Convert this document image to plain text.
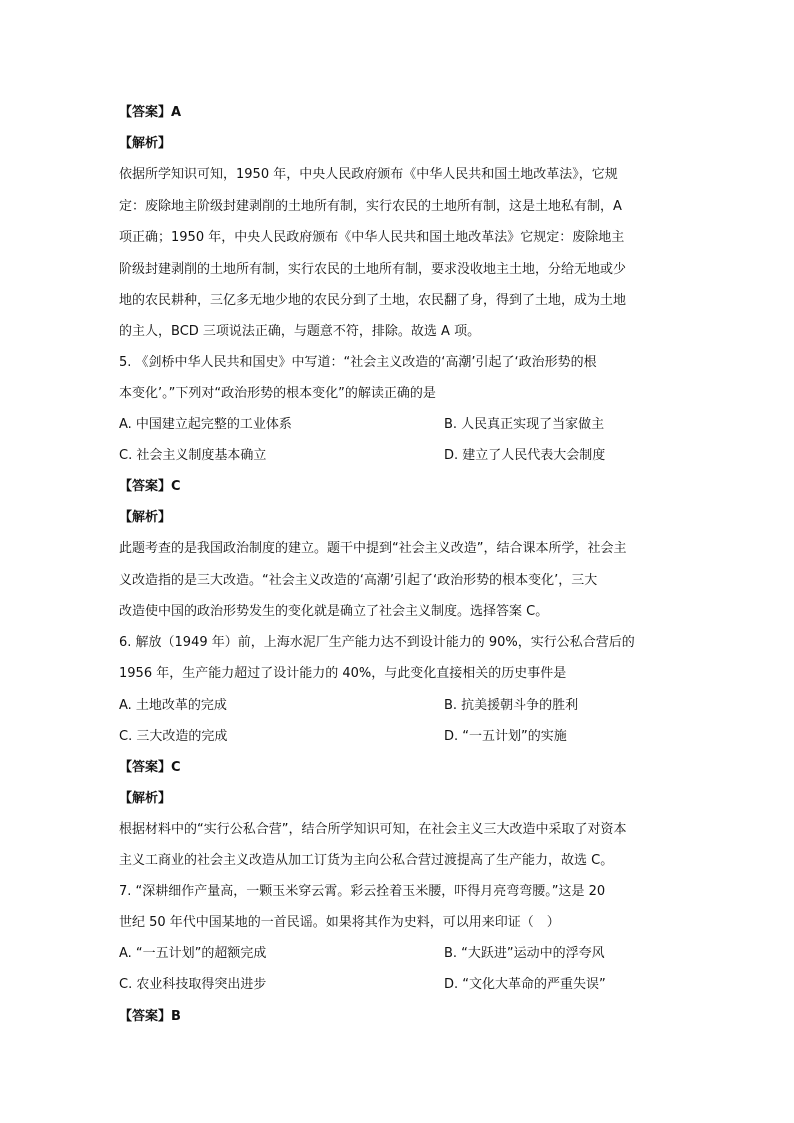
【答案】A
【解析】
依据所学知识可知，1950 年，中央人民政府颁布《中华人民共和国土地改革法》，它规
定：废除地主阶级封建剥削的土地所有制，实行农民的土地所有制，这是土地私有制，A
项正确；1950 年，中央人民政府颁布《中华人民共和国土地改革法》它规定：废除地主
阶级封建剥削的土地所有制，实行农民的土地所有制，要求没收地主土地，分给无地或少
地的农民耕种，三亿多无地少地的农民分到了土地，农民翻了身，得到了土地，成为土地
的主人，BCD 三项说法正确，与题意不符，排除。故选 A 项。
5. 《剑桥中华人民共和国史》中写道：“社会主义改造的‘高潮’引起了‘政治形势的根
本变化’。”下列对“政治形势的根本变化”的解读正确的是
A. 中国建立起完整的工业体系	B. 人民真正实现了当家做主
C. 社会主义制度基本确立	D. 建立了人民代表大会制度
【答案】C
【解析】
此题考查的是我国政治制度的建立。题干中提到“社会主义改造”，结合课本所学，社会主
义改造指的是三大改造。“社会主义改造的‘高潮’引起了‘政治形势的根本变化’，三大
改造使中国的政治形势发生的变化就是确立了社会主义制度。选择答案 C。
6. 解放（1949 年）前，上海水泥厂生产能力达不到设计能力的 90%，实行公私合营后的
1956 年，生产能力超过了设计能力的 40%，与此变化直接相关的历史事件是
A. 土地改革的完成	B. 抗美援朝斗争的胜利
C. 三大改造的完成	D. “一五计划”的实施
【答案】C
【解析】
根据材料中的“实行公私合营”，结合所学知识可知，在社会主义三大改造中采取了对资本
主义工商业的社会主义改造从加工订货为主向公私合营过渡提高了生产能力，故选 C。
7. “深耕细作产量高，一颗玉米穿云霄。彩云拴着玉米腰，吓得月亮弯弯腰。”这是 20
世纪 50 年代中国某地的一首民谣。如果将其作为史料，可以用来印证（　）
A. “一五计划”的超额完成	B. “大跃进”运动中的浮夸风
C. 农业科技取得突出进步	D. “文化大革命的严重失误”
【答案】B
